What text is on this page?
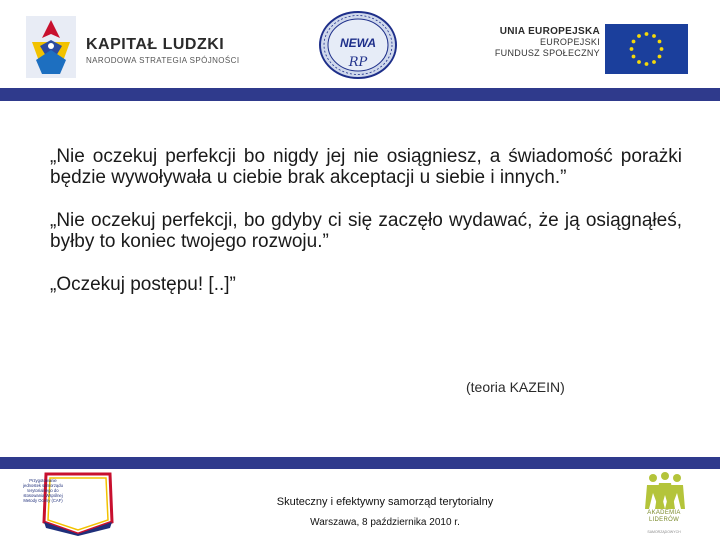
KAPITAŁ LUDZKI
NARODOWA STRATEGIA SPÓJNOŚCI
NEWA
RP
UNIA EUROPEJSKA
EUROPEJSKI
FUNDUSZ SPOŁECZNY

„Nie oczekuj perfekcji bo nigdy jej nie osiągniesz, a świadomość porażki będzie wywoływała u ciebie brak akceptacji u siebie i innych.”

„Nie oczekuj perfekcji, bo gdyby ci się zaczęło wydawać, że ją osiągnąłeś, byłby to koniec twojego rozwoju.”

„Oczekuj postępu! [..]”

(teoria KAZEIN)
Przygotowanie jednostek samorządu terytorialnego do stosowania Wspólnej Metody Oceny (CAF)	Skuteczny i efektywny samorząd terytorialny
Warszawa, 8 października 2010 r.
AKADEMIA LIDERÓW
SAMORZĄDOWYCH
